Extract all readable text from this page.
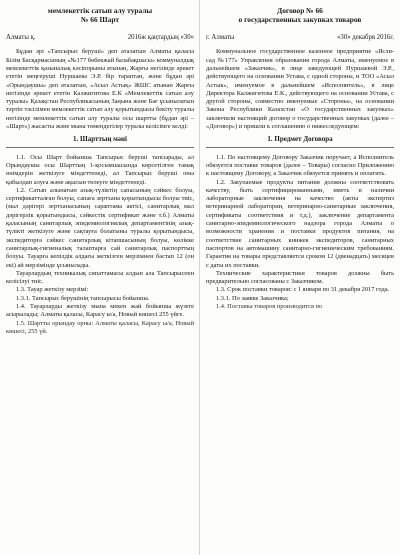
мемлекеттік сатып алу туралы
№ 66 Шарт
Алматы қ.	2016ж қаңтардың «30»

Бұдан әрі «Тапсырыс беруші» деп аталатын Алматы қаласы Білім Басқармасының «№177 бөбекжай балабақшасы» коммуналдық мемлекеттік қазыналық кәсіпорыны атынан, Жарғы негізінде әрекет ететін меңгеруші Нуршаева Э.Р. бір тараптан, және бұдан әрі «Орындаушы» деп аталатын, «Асыл Астық» ЖШС атынан Жарғы негізінде әрекет ететін Калжигитова Е.К «Мемлекеттік сатып алу туралы» Қазақстан Республикасының Заңына және Бағ ұсынылатын тәртіп тәсілімен мемлекеттік сатып алу қорытындысы бекіту туралы негізінде мемлекеттік сатып алу туралы осы шартты (бұдан әрі – «Шарт») жасасты және мына төмендегілер туралы келісімге келді:

1. Шарттың мәні
1.1. Осы Шарт бойынша Тапсырыс беруші тапсырады, ал Орындаушы осы Шарттың 1-қосымшасында көрсетілген тамақ өнімдерін жеткізуге міндеттенеді, ал Тапсырыс беруші оны қабылдап алуға және ақысын төлеуге міндеттенеді.
1.2. Сатып алынатын азық-түліктің сапасының сәйкес болуы, сертификатталған болуы, сапаға зертхана қорытындысы болуы тиіс, (мал дәрігері зертханасының сараптама актісі, санитарлық мал дәрігерлік қорытындысы, сәйкестік сертификат және т.б.) Алматы қаласының санитарлық эпидемиологиялық департаментінің азық-түлікті жеткізуге және сақтауға болатыны туралы қорытындысы, экспедиторға сәйкес санитарлық кітапшасының болуы, көлікке санитарлық-гигиеналық талаптарға сай санитарлық паспорттың болуы. Тауарға кепілдік алдағы жеткізген мерзімнен бастап 12 (он екі) ай мерзімінде ұсынылады.
Тауарлардың техникалық сипаттамасы алдын ала Тапсырыспен келісілуі тиіс.
1.3. Тауар жеткізу мерзімі:
1.3.1. Тапсырыс берушінің тапсырысы бойынша.
1.4. Тауарларды жеткізу мына мекен жай бойынша жүзеге асырылады; Алматы қаласы, Карасу ы/а, Новый көшесі 255 үйге.
1.5. Шартты орындау орны: Алматы қаласы, Карасу ы/а, Новый көшесі, 255 үй.
Договор № 66
о государственных закупках товаров
г. Алматы	«30» декабря 2016г.

Коммунальное государственное казенное предприятие «Ясли-сад №177» Управления образования города Алматы, именуемое в дальнейшем «Заказчик», в лице заведующей Нуршаевой Э.Р., действующего на основании Устава, с одной стороны, и ТОО «Асыл Астык», именуемое в дальнейшем «Исполнитель», в лице Директора Калжигитова Е.К., действующего на основании Устава, с другой стороны, совместно именуемые «Стороны», на основании Закона Республики Казахстан «О государственных закупках» заключили настоящий договор о государственных закупках (далее – «Договор») и пришли к соглашению о нижеследующем:

1. Предмет Договора
1.1. По настоящему Договору Заказчик поручает, а Исполнитель обязуется поставке товаров (далее – Товары) согласно Приложению к настоящему Договору, а Заказчик обязуется принять и оплатить.
1.2. Закупаемые продукты питания должны соответствовать качеству, быть сертифицированными, иметь в наличии лабораторные заключения на качество (акты экспертиз ветеринарной лаборатории, ветеринарно-санитарные заключения, сертификаты соответствия и т.д.), заключение департамента санитарно-эпидемиологического надзора города Алматы о возможности хранения и поставки продуктов питания, на соответствие санитарных книжек экспедиторов, санитарных паспортов на автомашину санитарно-гигиеническим требованиям. Гарантия на товары представляется сроком 12 (двенадцать) месяцев с даты их поставки.
Технические характеристики товаров должны быть предварительно согласованы с Заказчиком.
1.3. Срок поставки товаров: с 1 января по 31 декабря 2017 года.
1.3.1. По заявке Заказчика;
1.4. Поставка товаров производится по
